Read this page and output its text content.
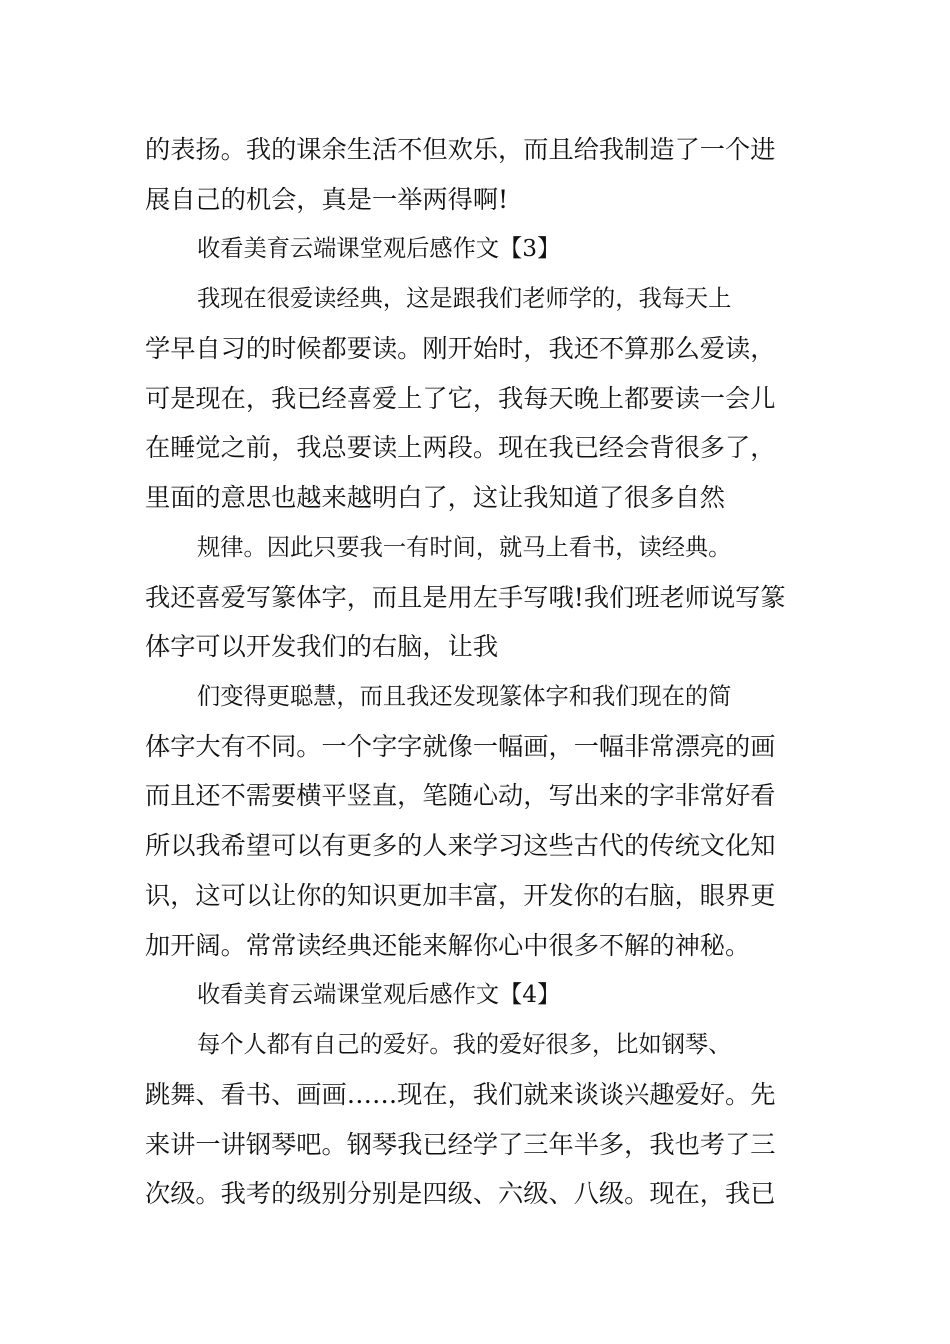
的表扬。我的课余生活不但欢乐，而且给我制造了一个进
展自己的机会，真是一举两得啊!
收看美育云端课堂观后感作文【3】
我现在很爱读经典，这是跟我们老师学的，我每天上
学早自习的时候都要读。刚开始时，我还不算那么爱读，
可是现在，我已经喜爱上了它，我每天晚上都要读一会儿
在睡觉之前，我总要读上两段。现在我已经会背很多了，
里面的意思也越来越明白了，这让我知道了很多自然
规律。因此只要我一有时间，就马上看书，读经典。
我还喜爱写篆体字，而且是用左手写哦!我们班老师说写篆
体字可以开发我们的右脑，让我
们变得更聪慧，而且我还发现篆体字和我们现在的简
体字大有不同。一个字字就像一幅画，一幅非常漂亮的画
而且还不需要横平竖直，笔随心动，写出来的字非常好看
所以我希望可以有更多的人来学习这些古代的传统文化知
识，这可以让你的知识更加丰富，开发你的右脑，眼界更
加开阔。常常读经典还能来解你心中很多不解的神秘。
收看美育云端课堂观后感作文【4】
每个人都有自己的爱好。我的爱好很多，比如钢琴、
跳舞、看书、画画……现在，我们就来谈谈兴趣爱好。先
来讲一讲钢琴吧。钢琴我已经学了三年半多，我也考了三
次级。我考的级别分别是四级、六级、八级。现在，我已
